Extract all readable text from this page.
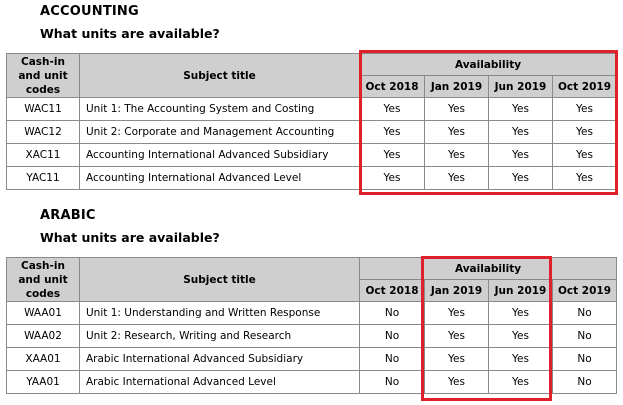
ACCOUNTING
What units are available?
Cash-in and unit codes	Subject title	Availability			
		Oct 2018	Jan 2019	Jun 2019	Oct 2019
WAC11	Unit 1: The Accounting System and Costing	Yes	Yes	Yes	Yes
WAC12	Unit 2: Corporate and Management Accounting	Yes	Yes	Yes	Yes
XAC11	Accounting International Advanced Subsidiary	Yes	Yes	Yes	Yes
YAC11	Accounting International Advanced Level	Yes	Yes	Yes	Yes
ARABIC
What units are available?
Cash-in and unit codes	Subject title	Availability			
		Oct 2018	Jan 2019	Jun 2019	Oct 2019
WAA01	Unit 1: Understanding and Written Response	No	Yes	Yes	No
WAA02	Unit 2: Research, Writing and Research	No	Yes	Yes	No
XAA01	Arabic International Advanced Subsidiary	No	Yes	Yes	No
YAA01	Arabic International Advanced Level	No	Yes	Yes	No
